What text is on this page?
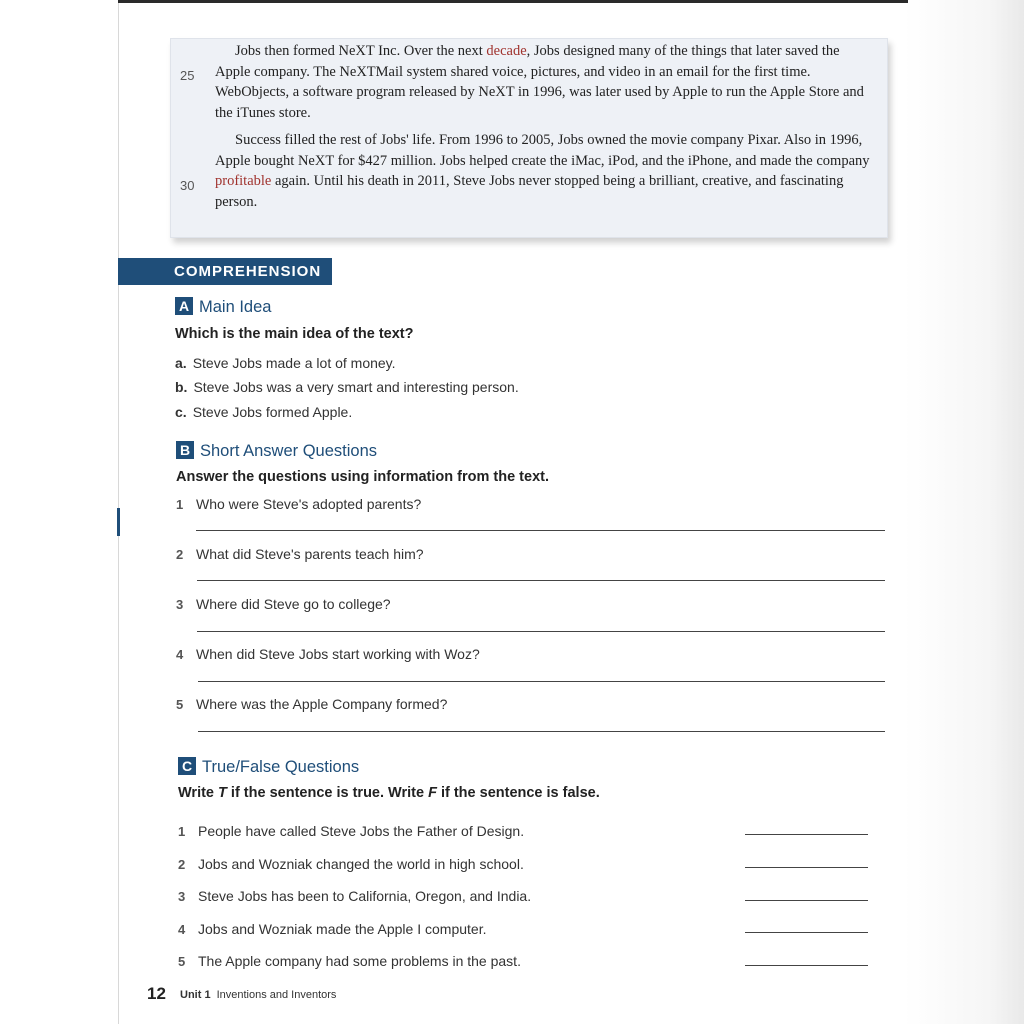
Jobs then formed NeXT Inc. Over the next decade, Jobs designed many of the things that later saved the Apple company. The NeXTMail system shared voice, pictures, and video in an email for the first time. WebObjects, a software program released by NeXT in 1996, was later used by Apple to run the Apple Store and the iTunes store.

Success filled the rest of Jobs' life. From 1996 to 2005, Jobs owned the movie company Pixar. Also in 1996, Apple bought NeXT for $427 million. Jobs helped create the iMac, iPod, and the iPhone, and made the company profitable again. Until his death in 2011, Steve Jobs never stopped being a brilliant, creative, and fascinating person.

25
30
COMPREHENSION
A Main Idea
Which is the main idea of the text?
a. Steve Jobs made a lot of money.
b. Steve Jobs was a very smart and interesting person.
c. Steve Jobs formed Apple.
B Short Answer Questions
Answer the questions using information from the text.
1 Who were Steve's adopted parents?
2 What did Steve's parents teach him?
3 Where did Steve go to college?
4 When did Steve Jobs start working with Woz?
5 Where was the Apple Company formed?
C True/False Questions
Write T if the sentence is true. Write F if the sentence is false.
1 People have called Steve Jobs the Father of Design.
2 Jobs and Wozniak changed the world in high school.
3 Steve Jobs has been to California, Oregon, and India.
4 Jobs and Wozniak made the Apple I computer.
5 The Apple company had some problems in the past.
12 Unit 1 Inventions and Inventors
